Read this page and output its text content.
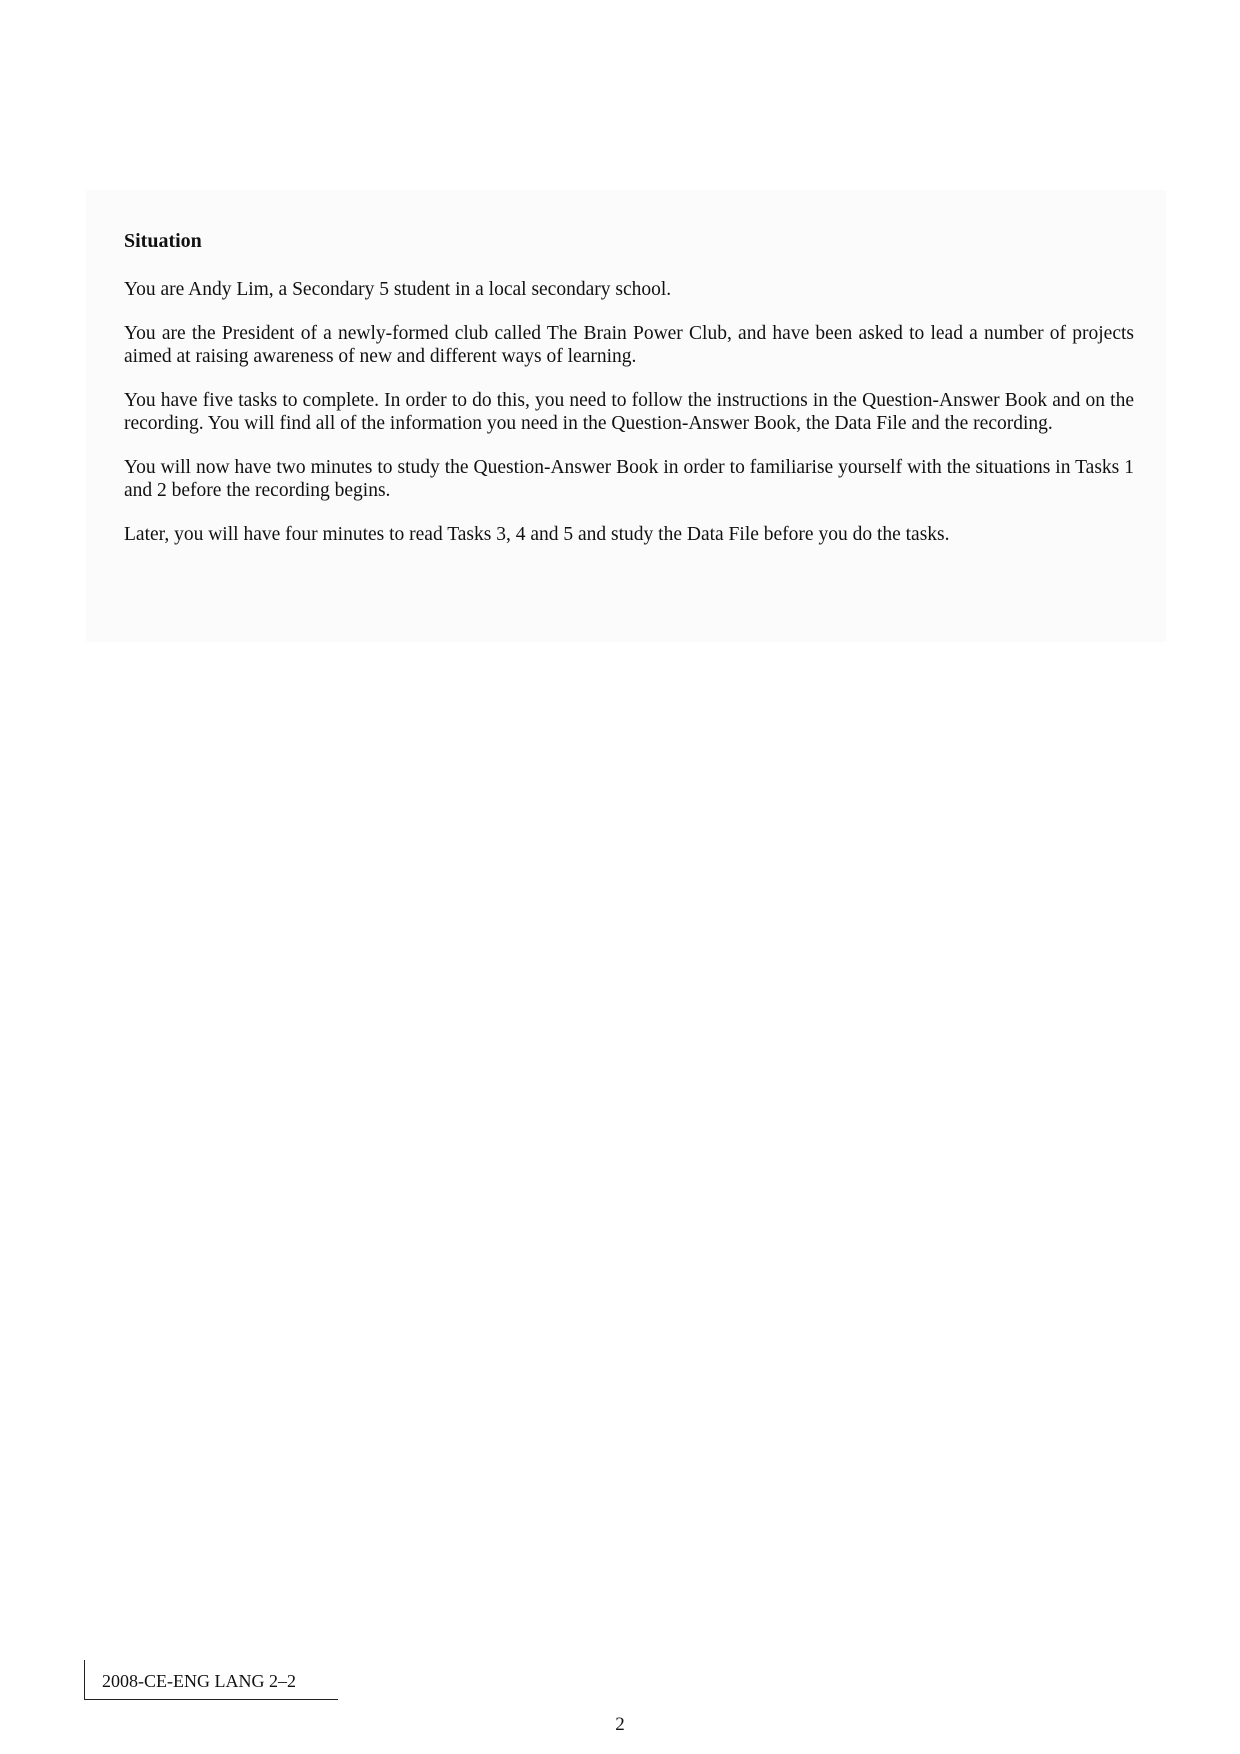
Situation

You are Andy Lim, a Secondary 5 student in a local secondary school.

You are the President of a newly-formed club called The Brain Power Club, and have been asked to lead a number of projects aimed at raising awareness of new and different ways of learning.

You have five tasks to complete. In order to do this, you need to follow the instructions in the Question-Answer Book and on the recording. You will find all of the information you need in the Question-Answer Book, the Data File and the recording.

You will now have two minutes to study the Question-Answer Book in order to familiarise yourself with the situations in Tasks 1 and 2 before the recording begins.

Later, you will have four minutes to read Tasks 3, 4 and 5 and study the Data File before you do the tasks.

2008-CE-ENG LANG 2–2
2
